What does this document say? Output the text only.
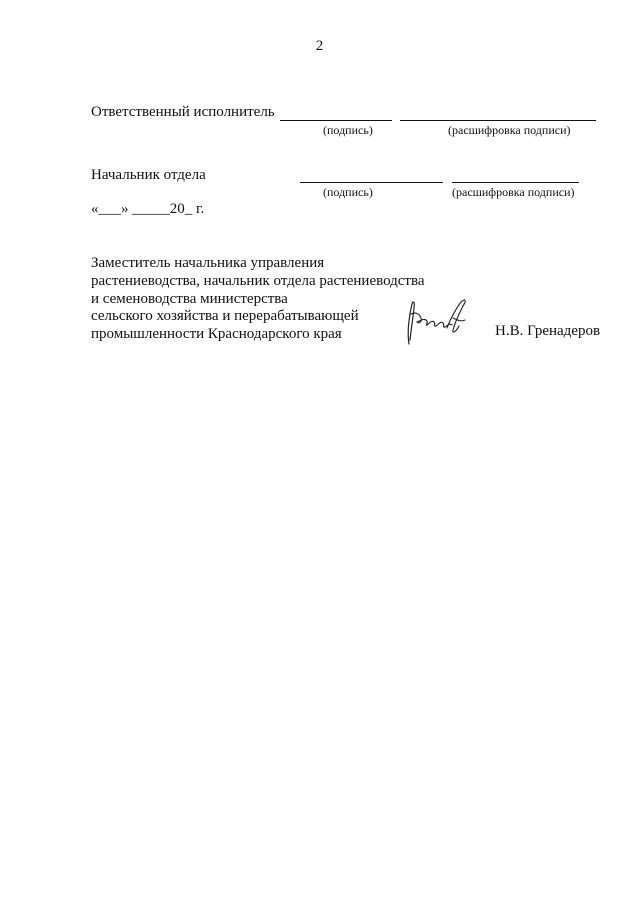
2
Ответственный исполнитель
(подпись)	(расшифровка подписи)
Начальник отдела
(подпись)	(расшифровка подписи)
«___» _____20_ г.
Заместитель начальника управления
растениеводства, начальник отдела растениеводства
и семеноводства министерства
сельского хозяйства и перерабатывающей
промышленности Краснодарского края	Н.В. Гренадеров
